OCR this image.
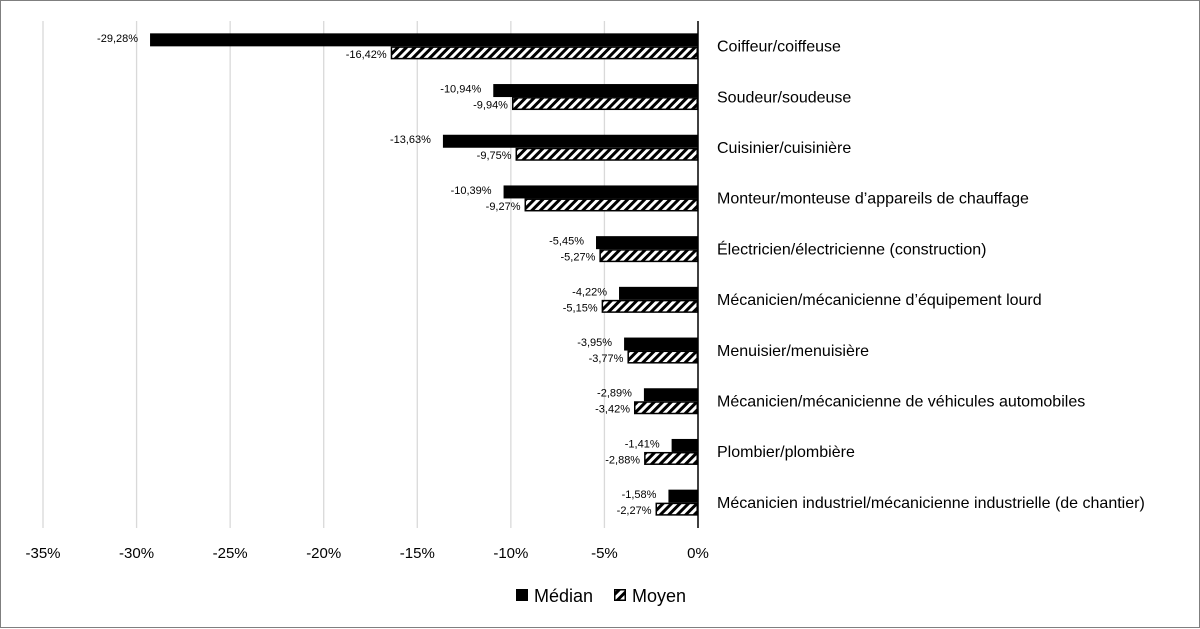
-35%	-30%	-25%	-20%	-15%	-10%	-5%	0%
-29,28%
-16,42%	Coiffeur/coiffeuse
-10,94%
-9,94%	Soudeur/soudeuse
-13,63%
-9,75%	Cuisinier/cuisinière
-10,39%
-9,27%	Monteur/monteuse d’appareils de chauffage
-5,45%
-5,27%	Électricien/électricienne (construction)
-4,22%
-5,15%	Mécanicien/mécanicienne d’équipement lourd
-3,95%
-3,77%	Menuisier/menuisière
-2,89%
-3,42%	Mécanicien/mécanicienne de véhicules automobiles
-1,41%
-2,88%	Plombier/plombière
-1,58%
-2,27%	Mécanicien industriel/mécanicienne industrielle (de chantier)
Médian Moyen
